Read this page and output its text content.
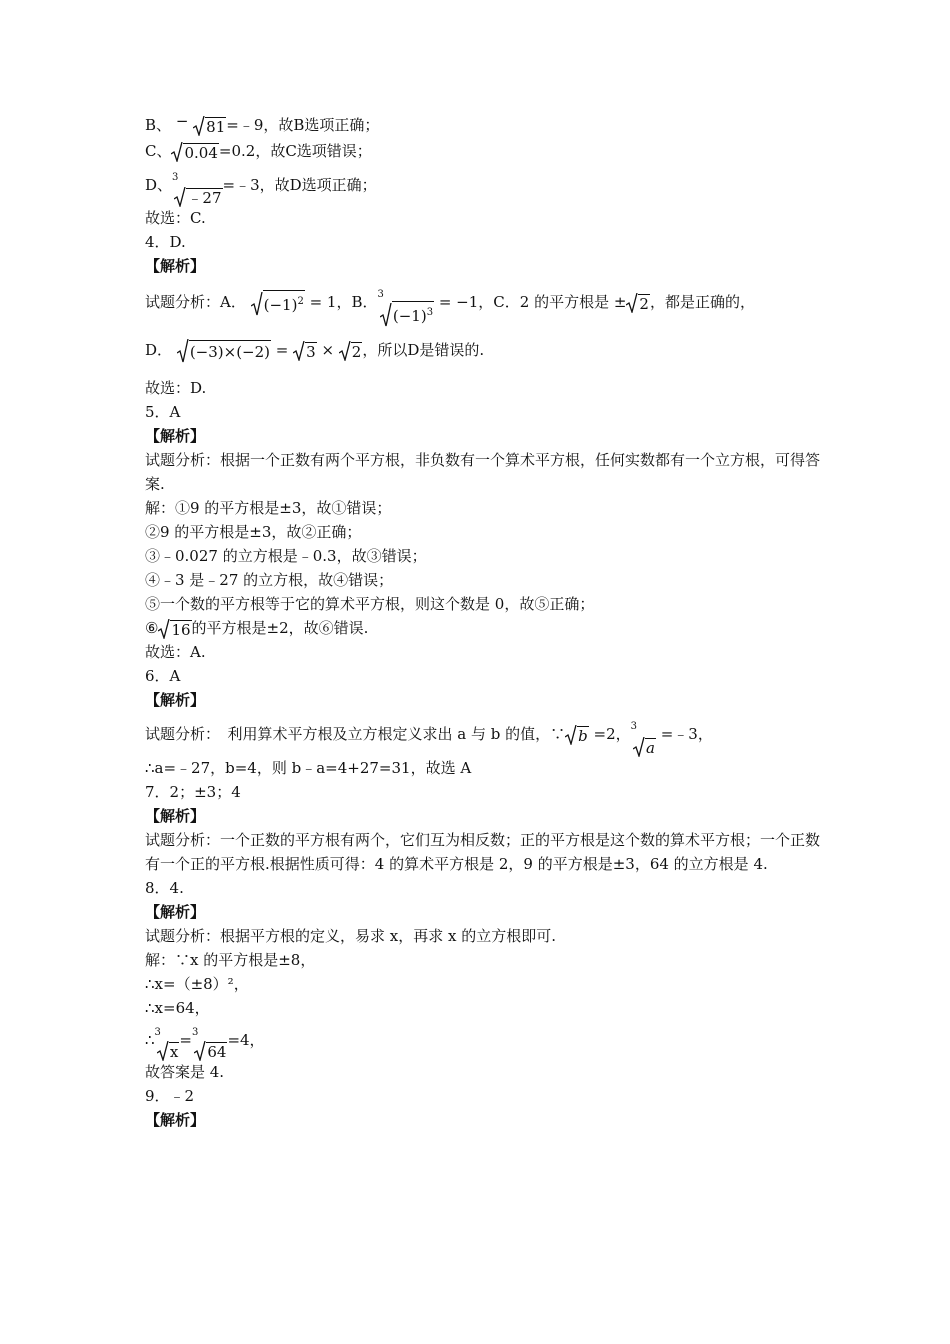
B、 − 81 =﹣9，故B选项正确；
C、 0.04 =0.2，故C选项错误；
D、 3
﹣27
=﹣3，故D选项正确；
故选：C.
4．D.
【解析】
试题分析：A． $(-1)^2 = 1$，B． 3
$(-1)^3$
= −1，C．2 的平方根是 ± 2 ，都是正确的，
D． (−3)×(−2) = 3 × 2 ，所以D是错误的.
故选：D.
5．A
【解析】
试题分析：根据一个正数有两个平方根，非负数有一个算术平方根，任何实数都有一个立方根，可得答案.
解：①9 的平方根是±3，故①错误；
②9 的平方根是±3，故②正确；
③﹣0.027 的立方根是﹣0.3，故③错误；
④﹣3 是﹣27 的立方根，故④错误；
⑤一个数的平方根等于它的算术平方根，则这个数是 0，故⑤正确；
⑥ 16 的平方根是±2，故⑥错误.
故选：A.
6．A
【解析】
试题分析：　利用算术平方根及立方根定义求出 a 与 b 的值，∵ b =2， 3
a
=﹣3，
∴a=﹣27，b=4，则 b﹣a=4+27=31，故选 A
7．2；±3；4
【解析】
试题分析：一个正数的平方根有两个，它们互为相反数；正的平方根是这个数的算术平方根；一个正数有一个正的平方根.根据性质可得：4 的算术平方根是 2，9 的平方根是±3，64 的立方根是 4.
8．4.
【解析】
试题分析：根据平方根的定义，易求 x，再求 x 的立方根即可.
解：∵x 的平方根是±8，
∴x=（±8）²，
∴x=64，
∴ 3
x
= 3
64
=4，
故答案是 4.
9．﹣2
【解析】
